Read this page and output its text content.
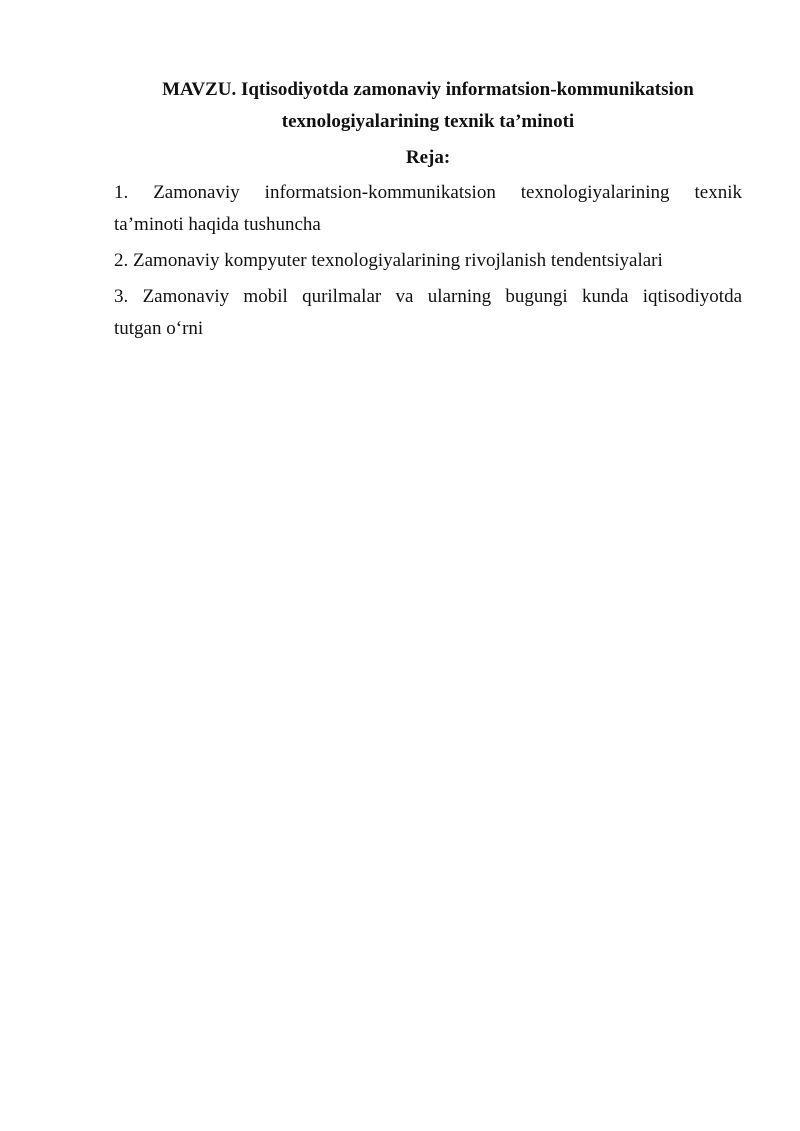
MAVZU. Iqtisodiyotda zamonaviy informatsion-kommunikatsion
texnologiyalarining texnik ta’minoti
Reja:
1. Zamonaviy informatsion-kommunikatsion texnologiyalarining texnik
ta’minoti haqida tushuncha
2. Zamonaviy kompyuter texnologiyalarining rivojlanish tendentsiyalari
3. Zamonaviy mobil qurilmalar va ularning bugungi kunda iqtisodiyotda
tutgan o‘rni
